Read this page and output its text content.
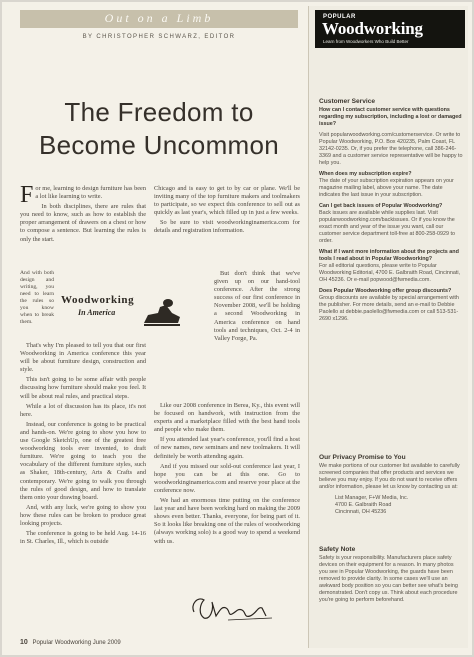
Out on a Limb
BY CHRISTOPHER SCHWARZ, EDITOR
The Freedom to
Become Uncommon

For me, learning to design furniture has been a lot like learning to write.

In both disciplines, there are rules that you need to know, such as how to establish the proper arrangement of drawers on a chest or how to compose a sentence. But learning the rules is only the start.

And with both design and writing, you need to learn the rules so you know when to break them.

That's why I'm pleased to tell you that our first Woodworking in America conference this year will be about furniture design, construction and style.

This isn't going to be some affair with people discussing how furniture should make you feel. It will be about real rules, and practical steps.

While a lot of discussion has its place, it's not here.

Instead, our conference is going to be practical and hands-on. We're going to show you how to use Google SketchUp, one of the greatest free woodworking tools ever invented, to draft furniture. We're going to teach you the vocabulary of the different furniture styles, such as Shaker, 18th-century, Arts & Crafts and contemporary. We're going to walk you through the rules of good design, and how to translate them onto your drawing board.

And, with any luck, we're going to show you how these rules can be broken to produce great looking projects.

The conference is going to be held Aug. 14-16 in St. Charles, Ill., which is outside

Chicago and is easy to get to by car or plane. We'll be inviting many of the top furniture makers and toolmakers to participate, so we expect this conference to sell out as quickly as last year's, which filled up in just a few weeks.

So be sure to visit woodworkinginamerica.com for details and registration information.

But don't think that we've given up on our hand-tool conference. After the strong success of our first conference in November 2008, we'll be holding a second Woodworking in America conference on hand tools and techniques, Oct. 2-4 in Valley Forge, Pa.

Like our 2008 conference in Berea, Ky., this event will be focused on handwork, with instruction from the experts and a marketplace filled with the best hand tools and people who make them.

If you attended last year's conference, you'll find a host of new names, new seminars and new toolmakers. It will definitely be worth attending again.

And if you missed our sold-out conference last year, I hope you can be at this one. Go to woodworkinginamerica.com and reserve your place at the conference now.

We had an enormous time putting on the conference last year and have been working hard on making the 2009 shows even better. Thanks, everyone, for being part of it. So it looks like breaking one of the rules of woodworking (always working solo) is a good way to spend a weekend with us.

Woodworking
In America
10 Popular Woodworking June 2009
POPULAR
Woodworking
Learn from Woodworkers Who Build Better
Customer Service
How can I contact customer service with questions regarding my subscription, including a lost or damaged issue?
Visit popularwoodworking.com/customerservice. Or write to Popular Woodworking, P.O. Box 420235, Palm Coast, FL 32142-0235. Or, if you prefer the telephone, call 386-246-3369 and a customer service representative will be happy to help you.
When does my subscription expire?
The date of your subscription expiration appears on your magazine mailing label, above your name. The date indicates the last issue in your subscription.
Can I get back issues of Popular Woodworking?
Back issues are available while supplies last. Visit popularwoodworking.com/backissues. Or if you know the exact month and year of the issue you want, call our customer service department toll-free at 800-258-0929 to order.
What if I want more information about the projects and tools I read about in Popular Woodworking?
For all editorial questions, please write to Popular Woodworking Editorial, 4700 E. Galbraith Road, Cincinnati, OH 45236. Or e-mail popwood@fwmedia.com.
Does Popular Woodworking offer group discounts?
Group discounts are available by special arrangement with the publisher. For more details, send an e-mail to Debbie Paolello at debbie.paolello@fwmedia.com or call 513-531-2690 x1296.
Our Privacy Promise to You
We make portions of our customer list available to carefully screened companies that offer products and services we believe you may enjoy. If you do not want to receive offers and/or information, please let us know by contacting us at:
List Manager, F+W Media, Inc.
4700 E. Galbraith Road
Cincinnati, OH 45236
Safety Note
Safety is your responsibility. Manufacturers place safety devices on their equipment for a reason. In many photos you see in Popular Woodworking, the guards have been removed to provide clarity. In some cases we'll use an awkward body position so you can better see what's being demonstrated. Don't copy us. Think about each procedure you're going to perform beforehand.
